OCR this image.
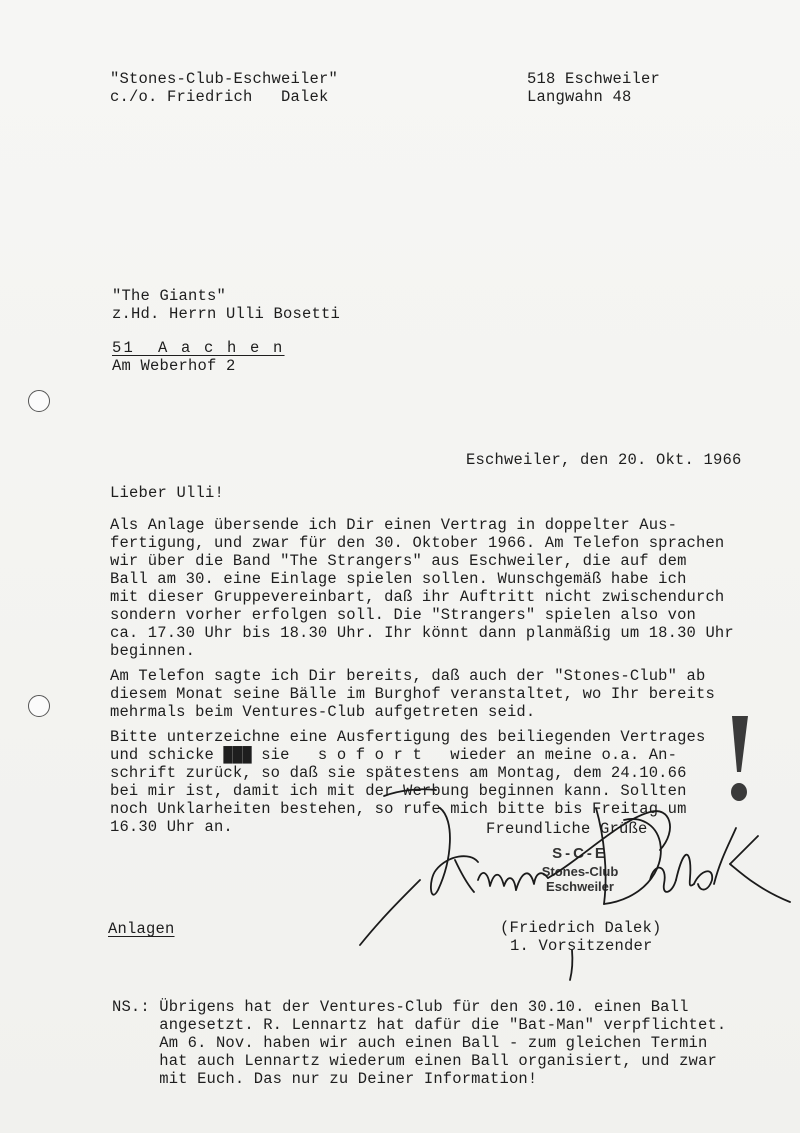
"Stones-Club-Eschweiler"
c./o. Friedrich   Dalek
518 Eschweiler
Langwahn 48
"The Giants"
z.Hd. Herrn Ulli Bosetti
51  A a c h e n
Am Weberhof 2
Eschweiler, den 20. Okt. 1966
Lieber Ulli!
Als Anlage übersende ich Dir einen Vertrag in doppelter Aus-
fertigung, und zwar für den 30. Oktober 1966. Am Telefon sprachen
wir über die Band "The Strangers" aus Eschweiler, die auf dem
Ball am 30. eine Einlage spielen sollen. Wunschgemäß habe ich
mit dieser Gruppevereinbart, daß ihr Auftritt nicht zwischendurch
sondern vorher erfolgen soll. Die "Strangers" spielen also von
ca. 17.30 Uhr bis 18.30 Uhr. Ihr könnt dann planmäßig um 18.30 Uhr
beginnen.
Am Telefon sagte ich Dir bereits, daß auch der "Stones-Club" ab
diesem Monat seine Bälle im Burghof veranstaltet, wo Ihr bereits
mehrmals beim Ventures-Club aufgetreten seid.
Bitte unterzeichne eine Ausfertigung des beiliegenden Vertrages
und schicke ███ sie   s o f o r t   wieder an meine o.a. An-
schrift zurück, so daß sie spätestens am Montag, dem 24.10.66
bei mir ist, damit ich mit der Werbung beginnen kann. Sollten
noch Unklarheiten bestehen, so rufe mich bitte bis Freitag um
16.30 Uhr an.	Freundliche Grüße
S-C-E
Stones-Club
Eschweiler
Anlagen	(Friedrich Dalek)
1. Vorsitzender
NS.: Übrigens hat der Ventures-Club für den 30.10. einen Ball
angesetzt. R. Lennartz hat dafür die "Bat-Man" verpflichtet.
Am 6. Nov. haben wir auch einen Ball - zum gleichen Termin
hat auch Lennartz wiederum einen Ball organisiert, und zwar
mit Euch. Das nur zu Deiner Information!
